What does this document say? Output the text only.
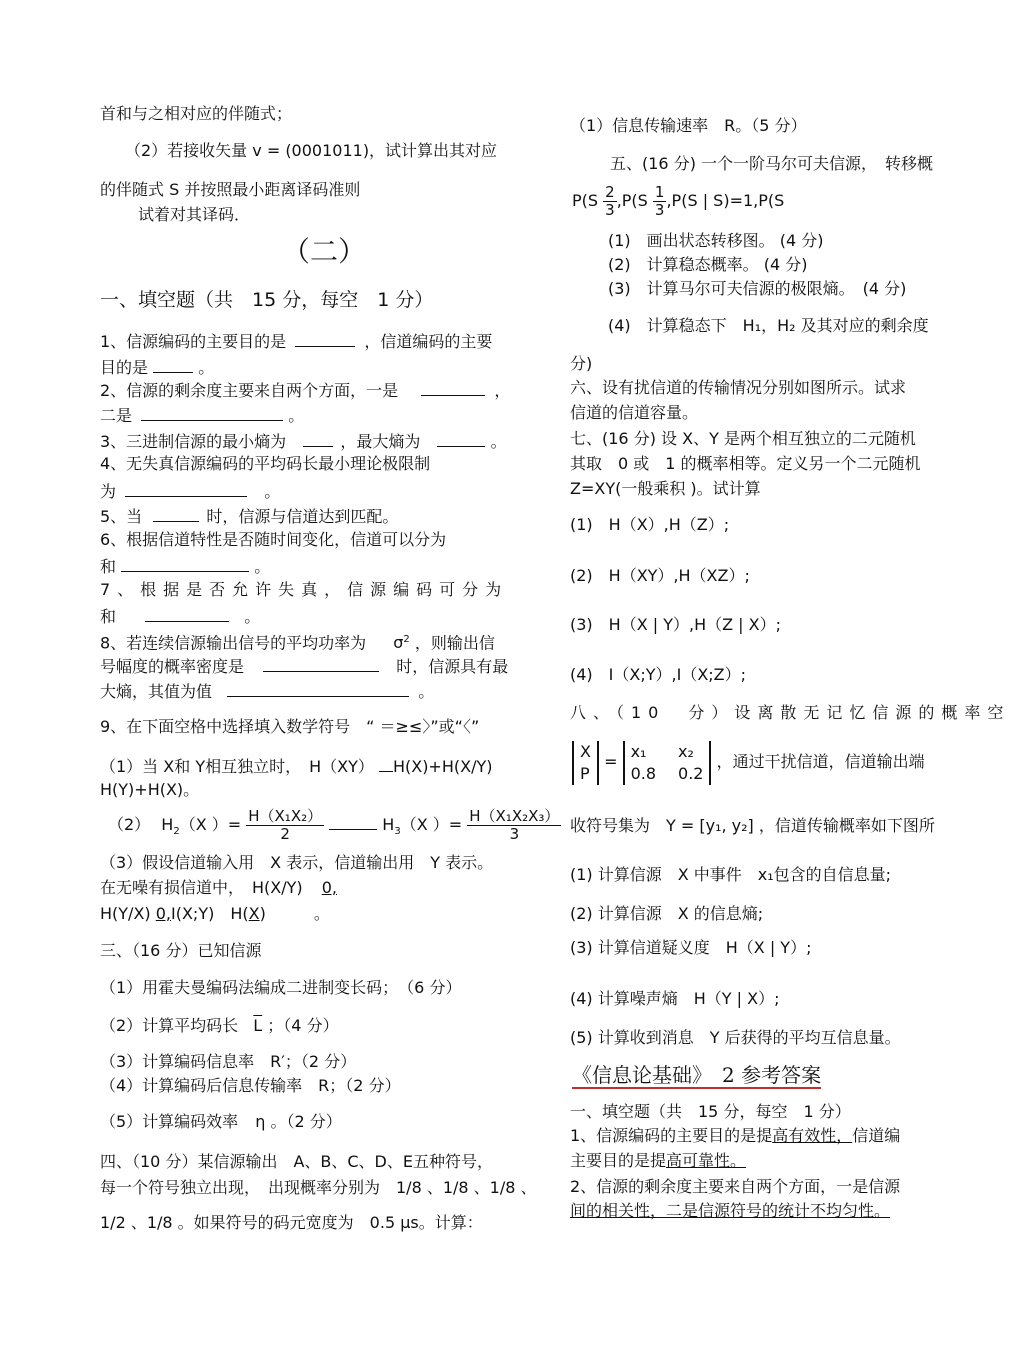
首和与之相对应的伴随式；
（2）若接收矢量 v = (0001011)，试计算出其对应
的伴随式 S 并按照最小距离译码准则
试着对其译码．
（二）
一、填空题（共　15 分，每空　1 分）
1、信源编码的主要目的是	，信道编码的主要
目的是	。
2、信源的剩余度主要来自两个方面，一是	，
二是	。
3、三进制信源的最小熵为	，最大熵为	。
4、无失真信源编码的平均码长最小理论极限制
为	。
5、当	时，信源与信道达到匹配。
6、根据信道特性是否随时间变化，信道可以分为
和	。
7、根据是否允许失真，信源编码可分为
和	。
8、若连续信源输出信号的平均功率为 $\sigma^2$ ，则输出信
号幅度的概率密度是	时，信源具有最
大熵，其值为值	。
9、在下面空格中选择填入数学符号　“ ＝≥≤〉”或“〈”
（1）当 X和 Y相互独立时，　H（XY） H(X)+H(X/Y)
H(Y)+H(X)。
（2） $H_2(X$ ）= $\frac{\text{H（X₁X₂）}}{2}$	$H_3(X$ ）= $\frac{\text{H（X₁X₂X₃）}}{3}$
（3）假设信道输入用　X 表示，信道输出用　Y 表示。
在无噪有损信道中，　H(X/Y) 0,
H(Y/X) 0,I(X;Y)　H(X)　　　。
三、（16 分）已知信源
（1）用霍夫曼编码法编成二进制变长码；　（6 分）
（2）计算平均码长 $\overline{L}$ ；（4 分）
（3）计算编码信息率　R′；（2 分）
（4）计算编码后信息传输率　R；（2 分）
（5）计算编码效率 η 。（2 分）
四、（10 分）某信源输出　A、B、C、D、E五种符号，
每一个符号独立出现，　出现概率分别为　1/8 、1/8 、1/8 、
1/2 、1/8 。如果符号的码元宽度为　0.5 μs。计算：
（1）信息传输速率　R。（5 分）
五、(16 分) 一个一阶马尔可夫信源，　转移概
$P(S \frac{2}{3} ,P(S \frac{1}{3} ,P(S$ | S)=1,P(S
(1)　画出状态转移图。 (4 分)
(2)　计算稳态概率。 (4 分)
(3)　计算马尔可夫信源的极限熵。　(4 分)
(4)　计算稳态下　H₁，H₂ 及其对应的剩余度
分)
六、设有扰信道的传输情况分别如图所示。试求
信道的信道容量。
七、(16 分) 设 X、Y 是两个相互独立的二元随机
其取　0 或　1 的概率相等。定义另一个二元随机
Z=XY(一般乘积 )。试计算
(1)　H（X）,H（Z）;
(2)　H（XY）,H（XZ）;
(3)　H（X | Y）,H（Z | X）;
(4)　I（X;Y）,I（X;Z）;
八、（10　分）设离散无记忆信源的概率空
X
P
=
x₁	x₂
0.8 0.2
，通过干扰信道，信道输出端
收符号集为　Y = [y₁, y₂] ，信道传输概率如下图所
(1) 计算信源　X 中事件　x₁包含的自信息量;
(2) 计算信源　X 的信息熵;
(3) 计算信道疑义度　H（X | Y）;
(4) 计算噪声熵　H（Y | X）;
(5) 计算收到消息　Y 后获得的平均互信息量。
《信息论基础》　2 参考答案
一、填空题（共　15 分，每空　1 分）
1、信源编码的主要目的是提高有效性，信道编
主要目的是提高可靠性。
2、信源的剩余度主要来自两个方面，一是信源
间的相关性，二是信源符号的统计不均匀性。
